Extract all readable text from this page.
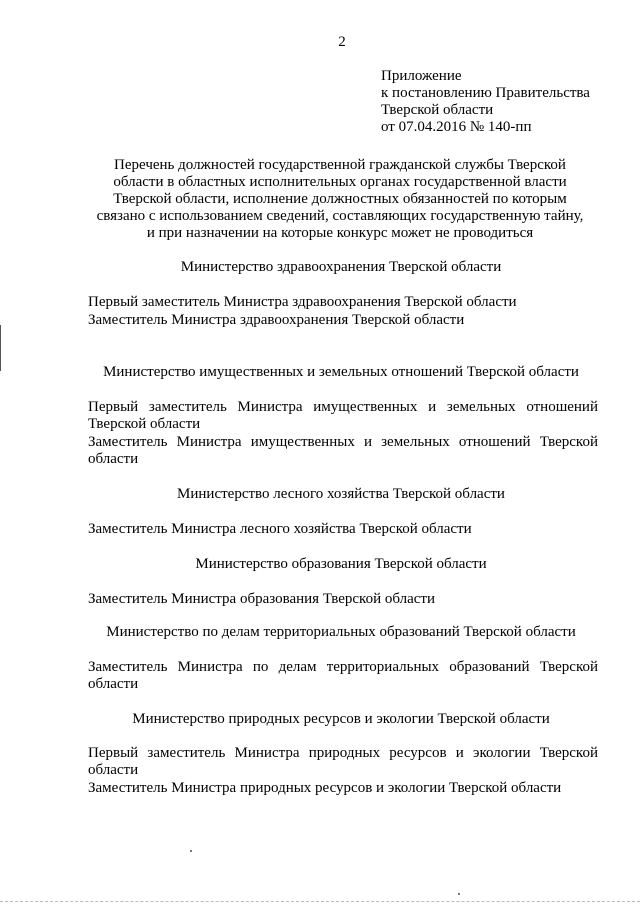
2
Приложение
к постановлению Правительства
Тверской области
от 07.04.2016 № 140-пп
Перечень должностей государственной гражданской службы Тверской
области в областных исполнительных органах государственной власти
Тверской области, исполнение должностных обязанностей по которым
связано с использованием сведений, составляющих государственную тайну,
и при назначении на которые конкурс может не проводиться
Министерство здравоохранения Тверской области
Первый заместитель Министра здравоохранения Тверской области
Заместитель Министра здравоохранения Тверской области
Министерство имущественных и земельных отношений Тверской области
Первый заместитель Министра имущественных и земельных отношений Тверской области
Заместитель Министра имущественных и земельных отношений Тверской области
Министерство лесного хозяйства Тверской области
Заместитель Министра лесного хозяйства Тверской области
Министерство образования Тверской области
Заместитель Министра образования Тверской области
Министерство по делам территориальных образований Тверской области
Заместитель Министра по делам территориальных образований Тверской области
Министерство природных ресурсов и экологии Тверской области
Первый заместитель Министра природных ресурсов и экологии Тверской области
Заместитель Министра природных ресурсов и экологии Тверской области
